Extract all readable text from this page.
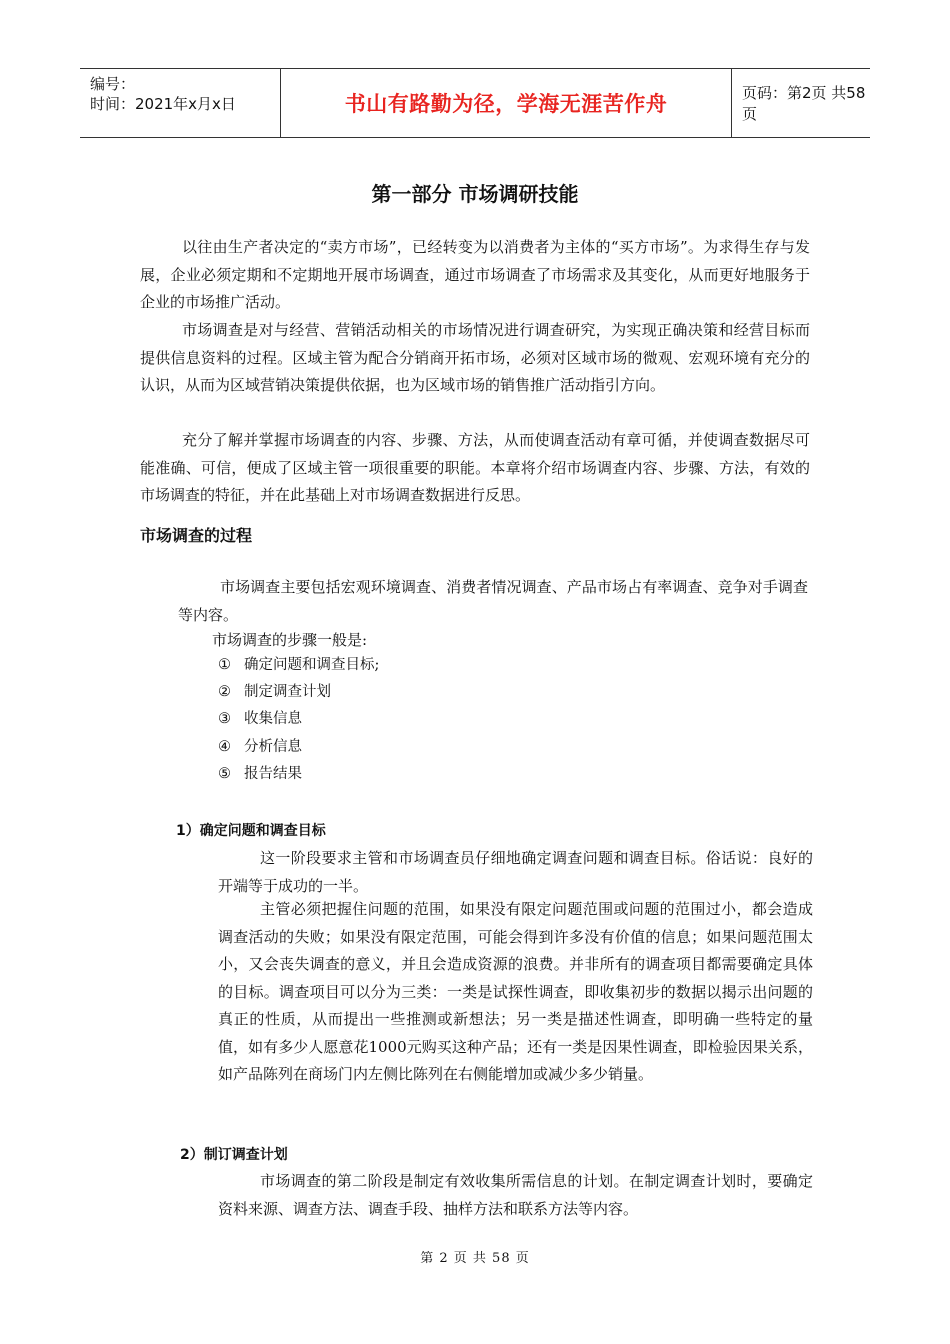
编号：
时间：2021年x月x日	书山有路勤为径，学海无涯苦作舟	页码：第2页 共58页
第一部分 市场调研技能
以往由生产者决定的“卖方市场”，已经转变为以消费者为主体的“买方市场”。为求得生存与发展，企业必须定期和不定期地开展市场调查，通过市场调查了市场需求及其变化，从而更好地服务于企业的市场推广活动。
市场调查是对与经营、营销活动相关的市场情况进行调查研究，为实现正确决策和经营目标而提供信息资料的过程。区域主管为配合分销商开拓市场，必须对区域市场的微观、宏观环境有充分的认识，从而为区域营销决策提供依据，也为区域市场的销售推广活动指引方向。
充分了解并掌握市场调查的内容、步骤、方法，从而使调查活动有章可循，并使调查数据尽可能准确、可信，便成了区域主管一项很重要的职能。本章将介绍市场调查内容、步骤、方法，有效的市场调查的特征，并在此基础上对市场调查数据进行反思。
市场调查的过程
市场调查主要包括宏观环境调查、消费者情况调查、产品市场占有率调查、竞争对手调查等内容。
市场调查的步骤一般是:
① 确定问题和调查目标;
② 制定调查计划
③ 收集信息
④ 分析信息
⑤ 报告结果
1）确定问题和调查目标
这一阶段要求主管和市场调查员仔细地确定调查问题和调查目标。俗话说：良好的开端等于成功的一半。
主管必须把握住问题的范围，如果没有限定问题范围或问题的范围过小，都会造成调查活动的失败；如果没有限定范围，可能会得到许多没有价值的信息；如果问题范围太小，又会丧失调查的意义，并且会造成资源的浪费。并非所有的调查项目都需要确定具体的目标。调查项目可以分为三类：一类是试探性调查，即收集初步的数据以揭示出问题的真正的性质，从而提出一些推测或新想法；另一类是描述性调查，即明确一些特定的量值，如有多少人愿意花1000元购买这种产品；还有一类是因果性调查，即检验因果关系，如产品陈列在商场门内左侧比陈列在右侧能增加或减少多少销量。
2）制订调查计划
市场调查的第二阶段是制定有效收集所需信息的计划。在制定调查计划时，要确定资料来源、调查方法、调查手段、抽样方法和联系方法等内容。
第 2 页 共 58 页
